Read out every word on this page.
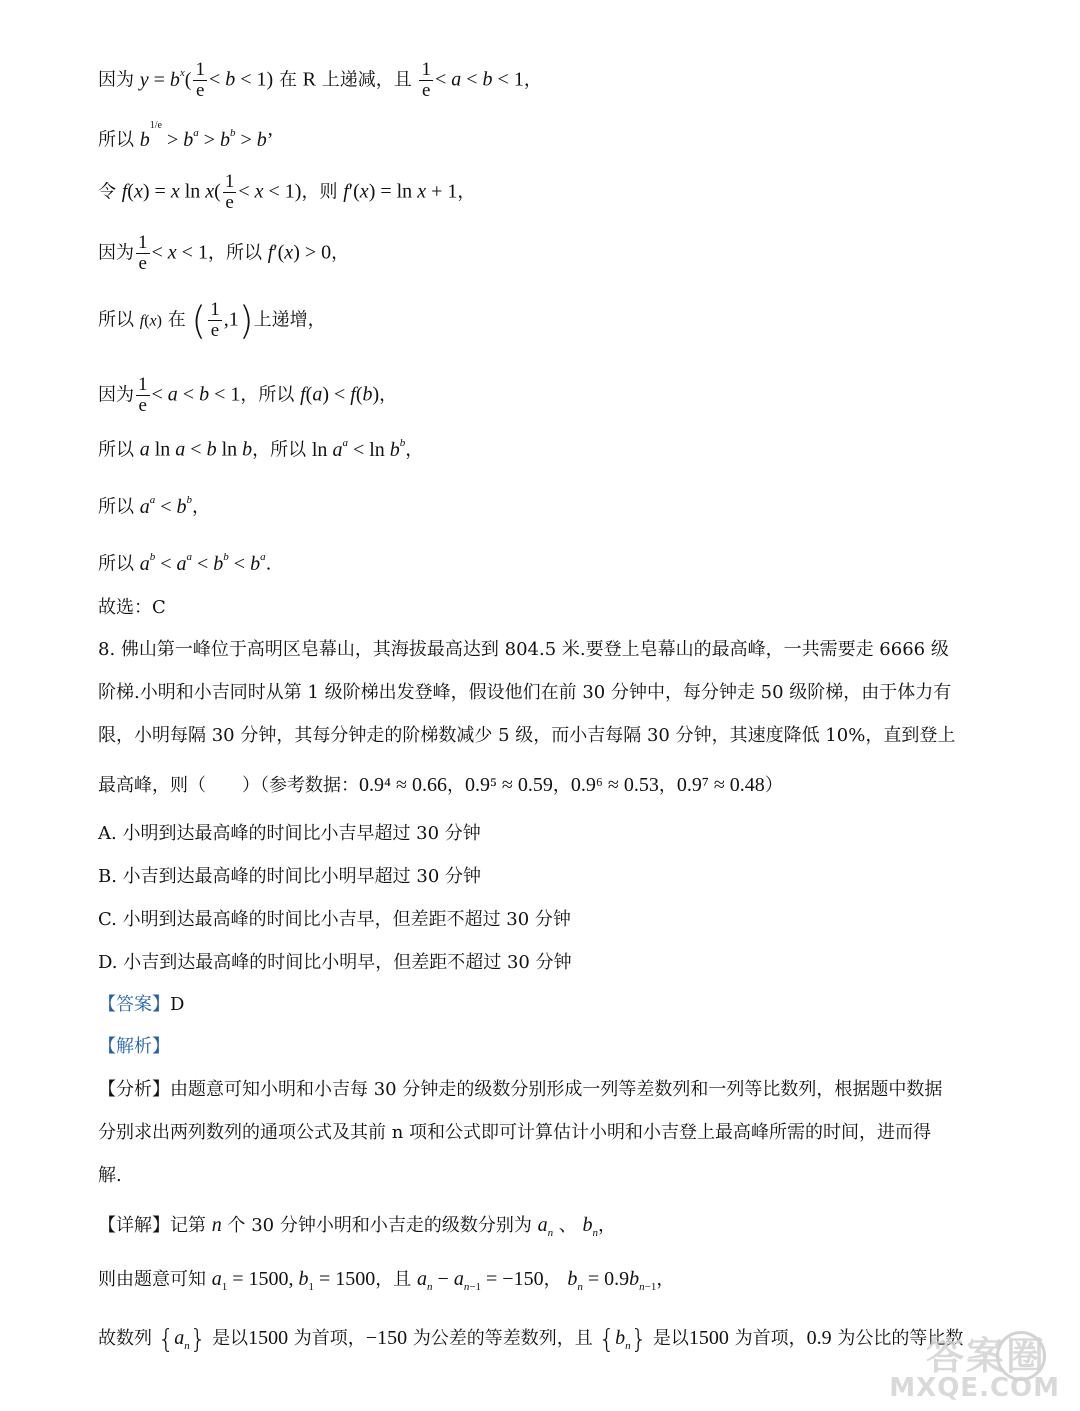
因为 $y = b^x( \frac{1}{e} < b < 1)$ 在 R 上递减，且 $\frac{1}{e} < a < b < 1$，
所以 $b^{1/e} > b^a > b^b > b$’
令 f(x) = x $\ln x( \frac{1}{e} < x < 1)$，则 f′(x) = ln x + 1，
因为 $\frac{1}{e} < x < 1$，所以 f′(x) > 0，
所以 f(x) 在 ( $\frac{1}{e} ,1$)上递增，
因为 $\frac{1}{e} < a < b < 1$，所以 f(a) < f(b)，
所以 a ln a < b ln b，所以 $\ln a^a < \ln b^b$，
所以 $a^a < b^b$，
所以 $a^b < a^a < b^b < b^a$.
故选：C
8. 佛山第一峰位于高明区皂幕山，其海拔最高达到 804.5 米.要登上皂幕山的最高峰，一共需要走 6666 级
阶梯.小明和小吉同时从第 1 级阶梯出发登峰，假设他们在前 30 分钟中，每分钟走 50 级阶梯，由于体力有
限，小明每隔 30 分钟，其每分钟走的阶梯数减少 5 级，而小吉每隔 30 分钟，其速度降低 10%，直到登上
最高峰，则（　　）（参考数据：0.9⁴ ≈ 0.66，0.9⁵ ≈ 0.59，0.9⁶ ≈ 0.53，0.9⁷ ≈ 0.48）
A. 小明到达最高峰的时间比小吉早超过 30 分钟
B. 小吉到达最高峰的时间比小明早超过 30 分钟
C. 小明到达最高峰的时间比小吉早，但差距不超过 30 分钟
D. 小吉到达最高峰的时间比小明早，但差距不超过 30 分钟
【答案】D
【解析】
【分析】由题意可知小明和小吉每 30 分钟走的级数分别形成一列等差数列和一列等比数列，根据题中数据
分别求出两列数列的通项公式及其前 n 项和公式即可计算估计小明和小吉登上最高峰所需的时间，进而得
解.
【详解】记第 n 个 30 分钟小明和小吉走的级数分别为 $a_n$ 、 $b_n$，
则由题意可知 $a_1 = 1500$, $b_1 = 1500$，且 $a_n - a_{n-1} = -150$， $b_n = 0.9b_{n-1}$，
故数列 $\{a_n\}$ 是以1500 为首项，−150 为公差的等差数列，且 $\{b_n\}$ 是以1500 为首项，0.9 为公比的等比数
答案圈
MXQE.COM
